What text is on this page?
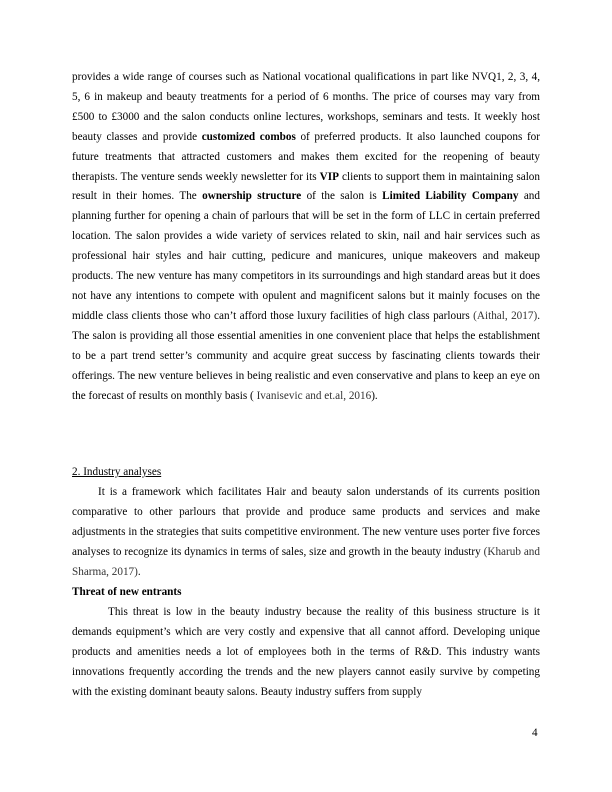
provides a wide range of courses such as National vocational qualifications in part like NVQ1, 2, 3, 4, 5, 6 in makeup and beauty treatments for a period of 6 months. The price of courses may vary from £500 to £3000 and the salon conducts online lectures, workshops, seminars and tests. It weekly host beauty classes and provide customized combos of preferred products. It also launched coupons for future treatments that attracted customers and makes them excited for the reopening of beauty therapists. The venture sends weekly newsletter for its VIP clients to support them in maintaining salon result in their homes. The ownership structure of the salon is Limited Liability Company and planning further for opening a chain of parlours that will be set in the form of LLC in certain preferred location. The salon provides a wide variety of services related to skin, nail and hair services such as professional hair styles and hair cutting, pedicure and manicures, unique makeovers and makeup products. The new venture has many competitors in its surroundings and high standard areas but it does not have any intentions to compete with opulent and magnificent salons but it mainly focuses on the middle class clients those who can’t afford those luxury facilities of high class parlours (Aithal, 2017). The salon is providing all those essential amenities in one convenient place that helps the establishment to be a part trend setter’s community and acquire great success by fascinating clients towards their offerings. The new venture believes in being realistic and even conservative and plans to keep an eye on the forecast of results on monthly basis ( Ivanisevic and et.al, 2016).

2. Industry analyses

It is a framework which facilitates Hair and beauty salon understands of its currents position comparative to other parlours that provide and produce same products and services and make adjustments in the strategies that suits competitive environment. The new venture uses porter five forces analyses to recognize its dynamics in terms of sales, size and growth in the beauty industry (Kharub and Sharma, 2017).

Threat of new entrants

This threat is low in the beauty industry because the reality of this business structure is it demands equipment’s which are very costly and expensive that all cannot afford. Developing unique products and amenities needs a lot of employees both in the terms of R&D. This industry wants innovations frequently according the trends and the new players cannot easily survive by competing with the existing dominant beauty salons. Beauty industry suffers from supply

4
